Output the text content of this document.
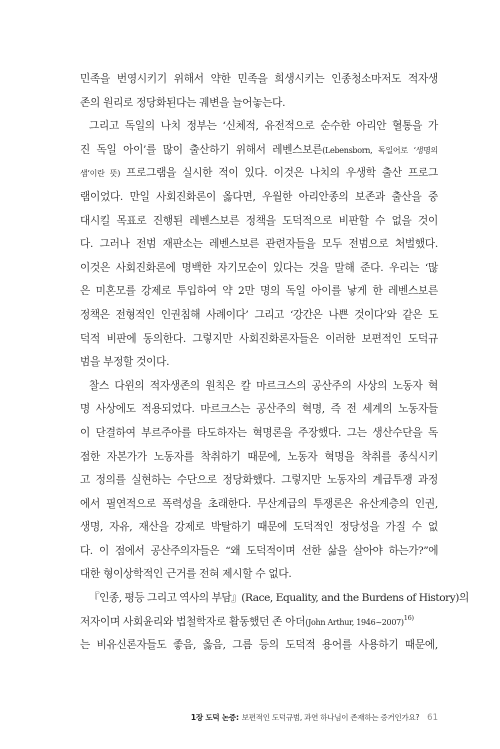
민족을 번영시키기 위해서 약한 민족을 희생시키는 인종청소마저도 적자생
존의 원리로 정당화된다는 궤변을 늘어놓는다.
그리고 독일의 나치 정부는 ‘신체적, 유전적으로 순수한 아리안 혈통을 가
진 독일 아이’를 많이 출산하기 위해서 레벤스보른(Lebensborn, 독일어로 ‘생명의
샘’이란 뜻) 프로그램을 실시한 적이 있다. 이것은 나치의 우생학 출산 프로그
램이었다. 만일 사회진화론이 옳다면, 우월한 아리안종의 보존과 출산을 중
대시킬 목표로 진행된 레벤스보른 정책을 도덕적으로 비판할 수 없을 것이
다. 그러나 전범 재판소는 레벤스보른 관련자들을 모두 전범으로 처벌했다.
이것은 사회진화론에 명백한 자기모순이 있다는 것을 말해 준다. 우리는 ‘많
은 미혼모를 강제로 투입하여 약 2만 명의 독일 아이를 낳게 한 레벤스보른
정책은 전형적인 인권침해 사례이다’ 그리고 ‘강간은 나쁜 것이다’와 같은 도
덕적 비판에 동의한다. 그렇지만 사회진화론자들은 이러한 보편적인 도덕규
범을 부정할 것이다.
찰스 다윈의 적자생존의 원칙은 칼 마르크스의 공산주의 사상의 노동자 혁
명 사상에도 적용되었다. 마르크스는 공산주의 혁명, 즉 전 세계의 노동자들
이 단결하여 부르주아를 타도하자는 혁명론을 주장했다. 그는 생산수단을 독
점한 자본가가 노동자를 착취하기 때문에, 노동자 혁명을 착취를 종식시키
고 정의를 실현하는 수단으로 정당화했다. 그렇지만 노동자의 계급투쟁 과정
에서 필연적으로 폭력성을 초래한다. 무산계급의 투쟁론은 유산계층의 인권,
생명, 자유, 재산을 강제로 박탈하기 때문에 도덕적인 정당성을 가질 수 없
다. 이 점에서 공산주의자들은 “왜 도덕적이며 선한 삶을 살아야 하는가?”에
대한 형이상학적인 근거를 전혀 제시할 수 없다.
『인종, 평등 그리고 역사의 부담』(Race, Equality, and the Burdens of History)의
저자이며 사회윤리와 법철학자로 활동했던 존 아더(John Arthur, 1946~2007)$^{16)}$
는 비유신론자들도 좋음, 옳음, 그름 등의 도덕적 용어를 사용하기 때문에,
1장 도덕 논증: 보편적인 도덕규범, 과연 하나님이 존재하는 증거인가요? 61
